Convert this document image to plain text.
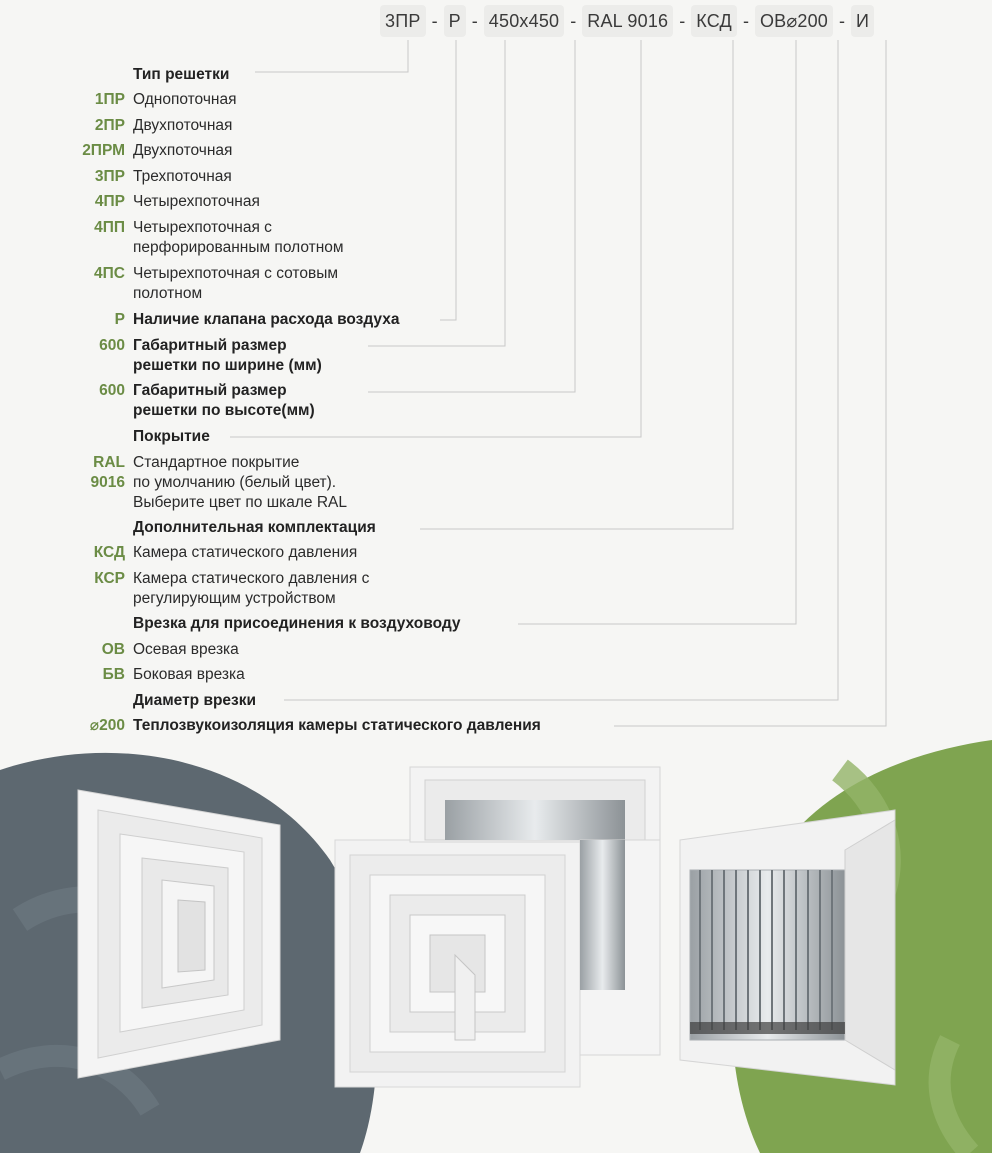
3ПР - Р - 450х450 - RAL 9016 - КСД - ОВ⌀200 - И
Тип решетки
1ПР Однопоточная
2ПР Двухпоточная
2ПРМ Двухпоточная
3ПР Трехпоточная
4ПР Четырехпоточная
4ПП Четырехпоточная с
перфорированным полотном
4ПС Четырехпоточная с сотовым
полотном
Р Наличие клапана расхода воздуха
600 Габаритный размер
решетки по ширине (мм)
600 Габаритный размер
решетки по высоте(мм)
Покрытие
RAL Стандартное покрытие
9016 по умолчанию (белый цвет).
Выберите цвет по шкале RAL
Дополнительная комплектация
КСД Камера статического давления
КСР Камера статического давления с
регулирующим устройством
Врезка для присоединения к воздуховоду
ОВ Осевая врезка
БВ Боковая врезка
Диаметр врезки
⌀200 Теплозвукоизоляция камеры статического давления
